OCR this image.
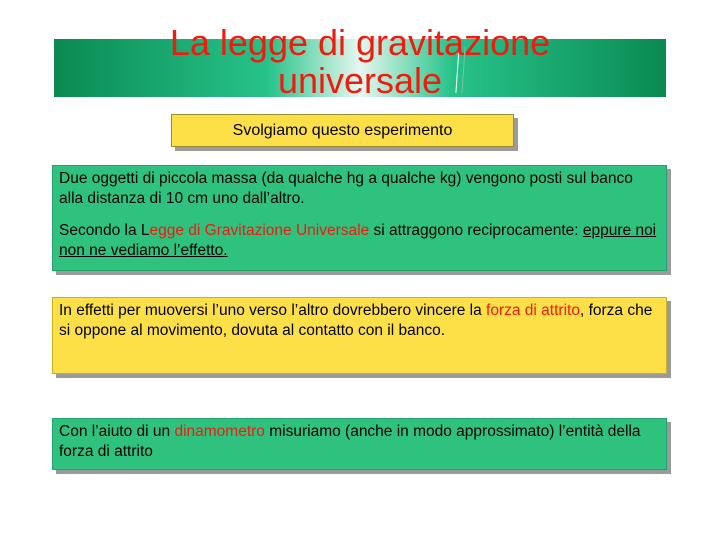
La legge di gravitazione
universale
Svolgiamo questo esperimento

Due oggetti di piccola massa (da qualche hg a qualche kg) vengono posti sul banco alla distanza di 10 cm uno dall’altro.

Secondo la Legge di Gravitazione Universale si attraggono reciprocamente: eppure noi non ne vediamo l’effetto.

In effetti per muoversi l’uno verso l’altro dovrebbero vincere la forza di attrito, forza che si oppone al movimento, dovuta al contatto con il banco.

Con l’aiuto di un dinamometro misuriamo (anche in modo approssimato) l’entità della forza di attrito
